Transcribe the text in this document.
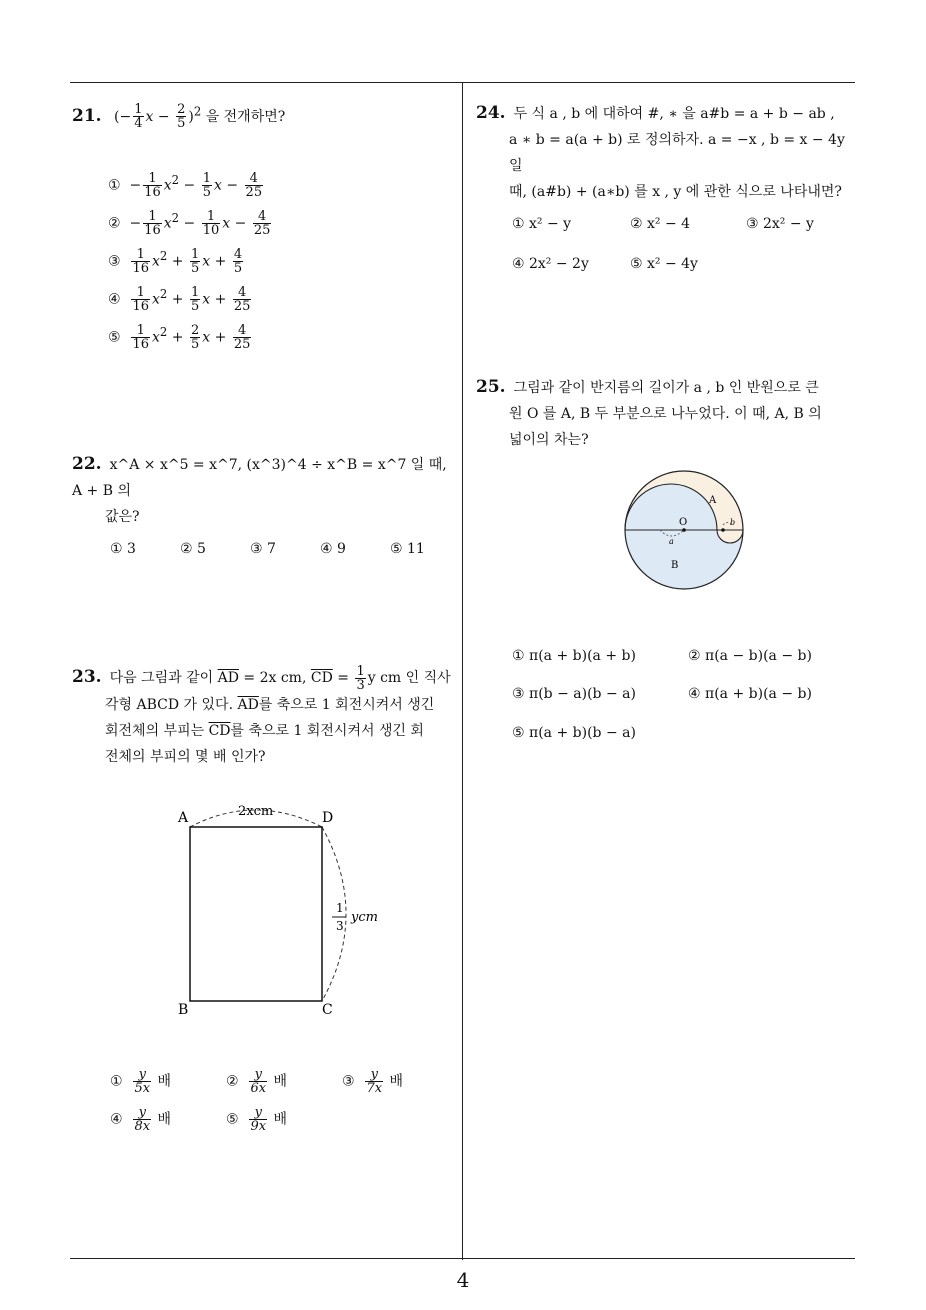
4
21. (− $\frac{1}{4}$ $x - \frac{2}{5} )^2$ 을 전개하면?
①  − $\frac{1}{16} x^2 - \frac{1}{5}$ $x - \frac{4}{25}$
②  − $\frac{1}{16} x^2 - \frac{1}{10}$ $x - \frac{4}{25}$
③ $\frac{1}{16} x^2 + \frac{1}{5}$ $x + \frac{4}{5}$
④ $\frac{1}{16} x^2 + \frac{1}{5}$ $x + \frac{4}{25}$
⑤ $\frac{1}{16} x^2 + \frac{2}{5}$ $x + \frac{4}{25}$
22. x^A × x^5 = x^7, (x^3)^4 ÷ x^B = x^7 일 때, A + B 의
값은?
① 3	② 5	③ 7	④ 9	⑤ 11
23. 다음 그림과 같이 $\overline{AD} = 2x$ cm, $\overline{CD} = \frac{1}{3}$ y cm 인 직사
각형 ABCD 가 있다. $\overline{AD}$를 축으로 1 회전시켜서 생긴
회전체의 부피는 $\overline{CD}$를 축으로 1 회전시켜서 생긴 회
전체의 부피의 몇 배 인가?
A	D
B	C
2xcm
1
3
ycm
① $\frac{y}{5x}$ 배	② $\frac{y}{6x}$ 배	③ $\frac{y}{7x}$ 배
④ $\frac{y}{8x}$ 배	⑤ $\frac{y}{9x}$ 배
24. 두 식 a , b 에 대하여 #, ∗ 을 a#b = a + b − ab ,
a ∗ b = a(a + b) 로 정의하자. a = −x , b = x − 4y 일
때, (a#b) + (a∗b) 를 x , y 에 관한 식으로 나타내면?
① x² − y	② x² − 4	③ 2x² − y
④ 2x² − 2y	⑤ x² − 4y
25. 그림과 같이 반지름의 길이가 a , b 인 반원으로 큰
원 O 를 A, B 두 부분으로 나누었다. 이 때, A, B 의
넓이의 차는?
A
B
O
a
b
① π(a + b)(a + b)	② π(a − b)(a − b)
③ π(b − a)(b − a)	④ π(a + b)(a − b)
⑤ π(a + b)(b − a)
